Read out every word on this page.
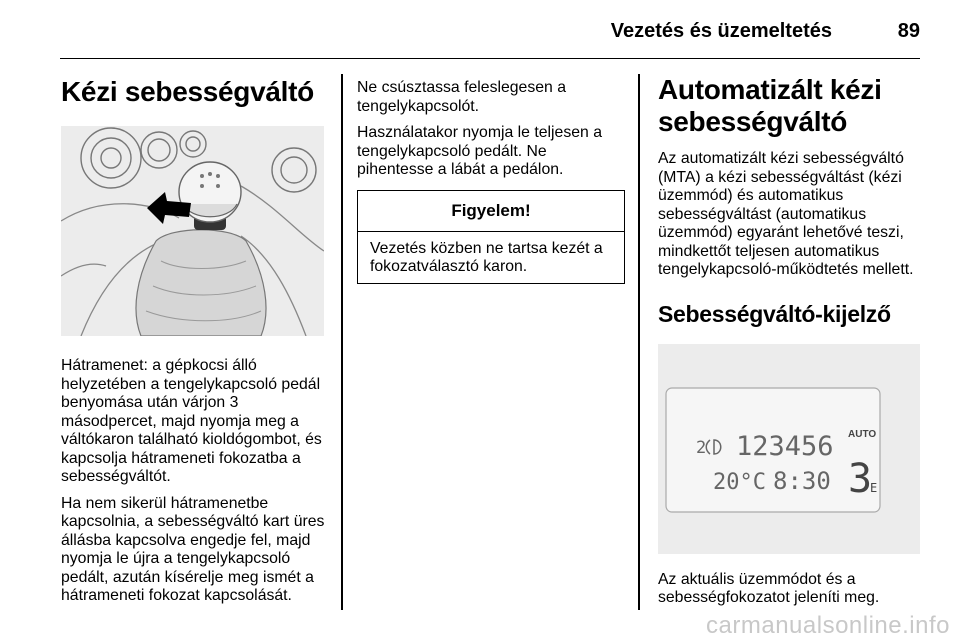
Vezetés és üzemeltetés	89
Kézi sebességváltó

Hátramenet: a gépkocsi álló helyzetében a tengelykapcsoló pedál benyomása után várjon 3 másodpercet, majd nyomja meg a váltókaron található kioldógombot, és kapcsolja hátrameneti fokozatba a sebességváltót.

Ha nem sikerül hátramenetbe kapcsolnia, a sebességváltó kart üres állásba kapcsolva engedje fel, majd nyomja le újra a tengelykapcsoló pedált, azután kísérelje meg ismét a hátrameneti fokozat kapcsolását.

Ne csúsztassa feleslegesen a tengelykapcsolót.

Használatakor nyomja le teljesen a tengelykapcsoló pedált. Ne pihentesse a lábát a pedálon.

Figyelem!
Vezetés közben ne tartsa kezét a fokozatválasztó karon.
Automatizált kézi sebességváltó

Az automatizált kézi sebességváltó (MTA) a kézi sebességváltást (kézi üzemmód) és automatikus sebességváltást (automatikus üzemmód) egyaránt lehetővé teszi, mindkettőt teljesen automatikus tengelykapcsoló-működtetés mellett.

Sebességváltó-kijelző
2 123456 AUTO
20°C 8:30 3
E

Az aktuális üzemmódot és a sebességfokozatot jeleníti meg.

carmanualsonline.info
